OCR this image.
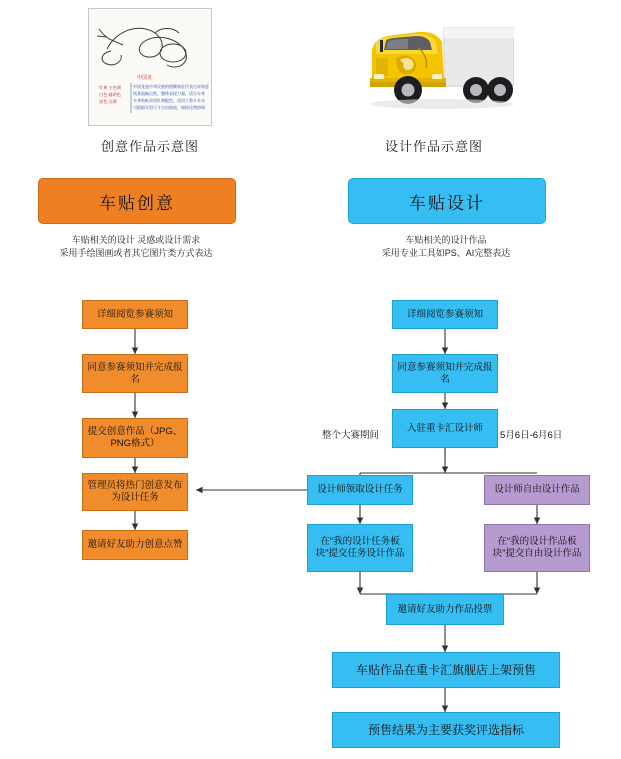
中国龙
红黄 主色调
白色 辅助色
黑色 点缀
中国龙是中华民族的图腾象征代表吉祥如意
线条流畅自然，整体表现力强，适合车身
车身贴纸采用红黄配色，适用于重卡车头
可根据车型尺寸自由缩放，保持比例协调
创意作品示意图	设计作品示意图
车贴创意	车贴设计
车贴相关的设计 灵感或设计需求
采用手绘图画或者其它图片类方式表达
车贴相关的设计作品
采用专业工具如PS、AI完整表达
详细阅览参赛须知
同意参赛须知并完成报名
提交创意作品（JPG、PNG格式）
管理员将热门创意发布为设计任务
邀请好友助力创意点赞
详细阅览参赛须知
同意参赛须知并完成报名
入驻重卡汇设计师
设计师领取设计任务
在“我的设计任务板块”提交任务设计作品
设计师自由设计作品
在“我的设计作品板块”提交自由设计作品
邀请好友助力作品投票
车贴作品在重卡汇旗舰店上架预售
预售结果为主要获奖评选指标
整个大赛期间	5月6日-6月6日
